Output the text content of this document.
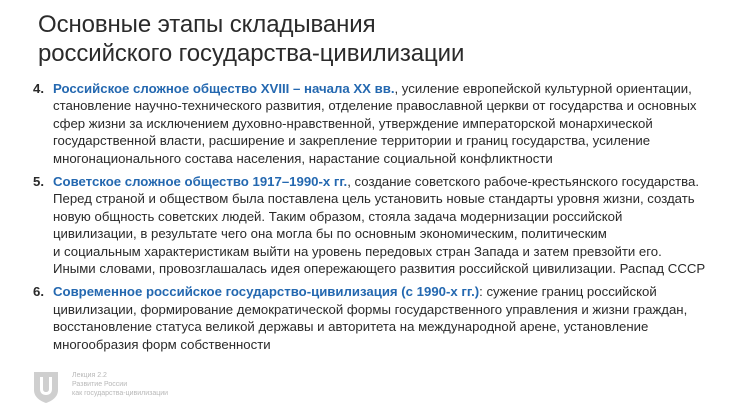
Основные этапы складывания
российского государства-цивилизации
4. Российское сложное общество XVIII – начала XX вв., усиление европейской культурной ориентации,
становление научно-технического развития, отделение православной церкви от государства и основных
сфер жизни за исключением духовно-нравственной, утверждение императорской монархической
государственной власти, расширение и закрепление территории и границ государства, усиление
многонационального состава населения, нарастание социальной конфликтности
5. Советское сложное общество 1917–1990-х гг., создание советского рабоче-крестьянского государства.
Перед страной и обществом была поставлена цель установить новые стандарты уровня жизни, создать
новую общность советских людей. Таким образом, стояла задача модернизации российской
цивилизации, в результате чего она могла бы по основным экономическим, политическим
и социальным характеристикам выйти на уровень передовых стран Запада и затем превзойти его.
Иными словами, провозглашалась идея опережающего развития российской цивилизации. Распад СССР
6. Современное российское государство-цивилизация (с 1990-х гг.): сужение границ российской
цивилизации, формирование демократической формы государственного управления и жизни граждан,
восстановление статуса великой державы и авторитета на международной арене, установление
многообразия форм собственности
Лекция 2.2
Развитие России
как государства-цивилизации
